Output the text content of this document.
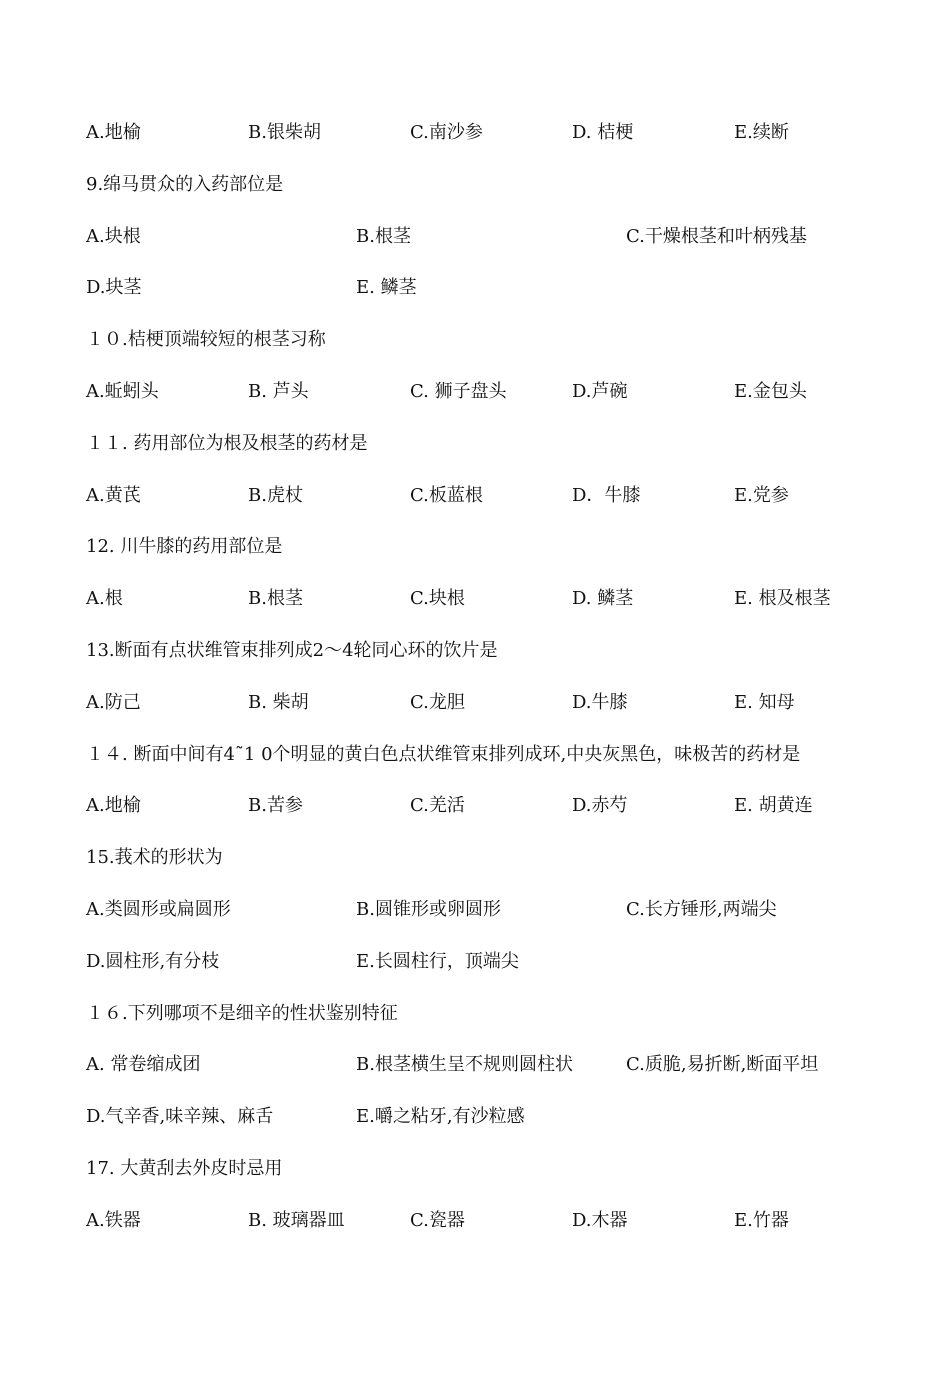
A.地榆	B.银柴胡	C.南沙参	D. 桔梗	E.续断
9.绵马贯众的入药部位是
A.块根	B.根茎	C.干燥根茎和叶柄残基
D.块茎	E. 鳞茎
１０.桔梗顶端较短的根茎习称
A.蚯蚓头	B. 芦头	C. 狮子盘头	D.芦碗	E.金包头
１１. 药用部位为根及根茎的药材是
A.黄芪	B.虎杖	C.板蓝根	D．牛膝	E.党参
12. 川牛膝的药用部位是
A.根	B.根茎	C.块根	D. 鳞茎	E. 根及根茎
13.断面有点状维管束排列成2～4轮同心环的饮片是
A.防己	B. 柴胡	C.龙胆	D.牛膝	E. 知母
１４. 断面中间有4˜1 0个明显的黄白色点状维管束排列成环,中央灰黑色，味极苦的药材是
A.地榆	B.苦参	C.羌活	D.赤芍	E. 胡黄连
15.莪术的形状为
A.类圆形或扁圆形	B.圆锥形或卵圆形	C.长方锤形,两端尖
D.圆柱形,有分枝	E.长圆柱行，顶端尖
１６.下列哪项不是细辛的性状鉴别特征
A. 常卷缩成团	B.根茎横生呈不规则圆柱状	C.质脆,易折断,断面平坦
D.气辛香,味辛辣、麻舌	E.嚼之粘牙,有沙粒感
17. 大黄刮去外皮时忌用
A.铁器	B. 玻璃器皿	C.瓷器	D.木器	E.竹器
